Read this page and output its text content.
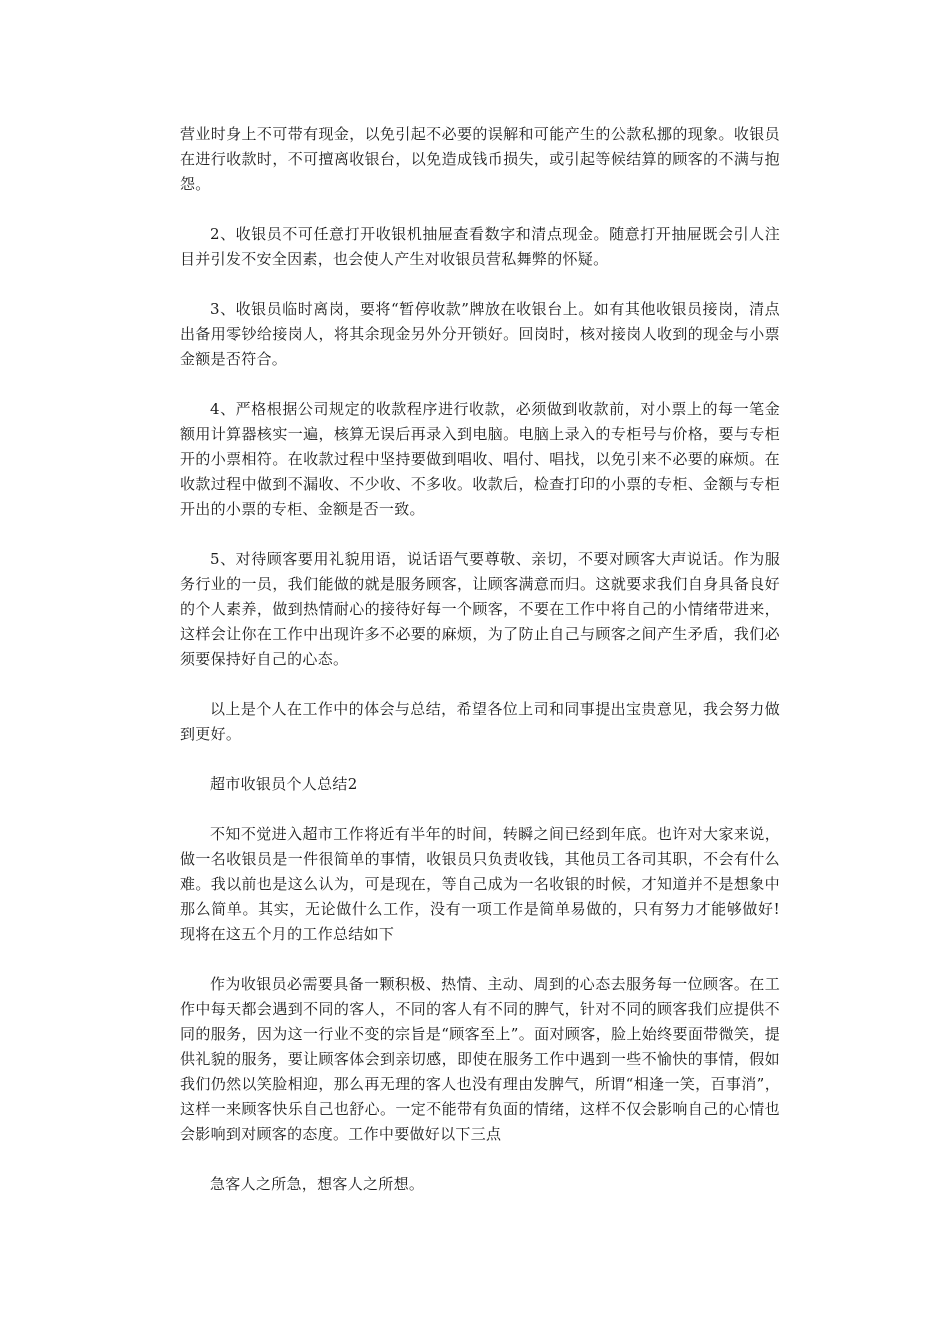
营业时身上不可带有现金，以免引起不必要的误解和可能产生的公款私挪的现象。收银员在进行收款时，不可擅离收银台，以免造成钱币损失，或引起等候结算的顾客的不满与抱怨。

2、收银员不可任意打开收银机抽屉查看数字和清点现金。随意打开抽屉既会引人注目并引发不安全因素，也会使人产生对收银员营私舞弊的怀疑。

3、收银员临时离岗，要将“暂停收款”牌放在收银台上。如有其他收银员接岗，清点出备用零钞给接岗人，将其余现金另外分开锁好。回岗时，核对接岗人收到的现金与小票金额是否符合。

4、严格根据公司规定的收款程序进行收款，必须做到收款前，对小票上的每一笔金额用计算器核实一遍，核算无误后再录入到电脑。电脑上录入的专柜号与价格，要与专柜开的小票相符。在收款过程中坚持要做到唱收、唱付、唱找，以免引来不必要的麻烦。在收款过程中做到不漏收、不少收、不多收。收款后，检查打印的小票的专柜、金额与专柜开出的小票的专柜、金额是否一致。

5、对待顾客要用礼貌用语，说话语气要尊敬、亲切，不要对顾客大声说话。作为服务行业的一员，我们能做的就是服务顾客，让顾客满意而归。这就要求我们自身具备良好的个人素养，做到热情耐心的接待好每一个顾客，不要在工作中将自己的小情绪带进来，这样会让你在工作中出现许多不必要的麻烦，为了防止自己与顾客之间产生矛盾，我们必须要保持好自己的心态。

以上是个人在工作中的体会与总结，希望各位上司和同事提出宝贵意见，我会努力做到更好。

超市收银员个人总结2

不知不觉进入超市工作将近有半年的时间，转瞬之间已经到年底。也许对大家来说，做一名收银员是一件很简单的事情，收银员只负责收钱，其他员工各司其职，不会有什么难。我以前也是这么认为，可是现在，等自己成为一名收银的时候，才知道并不是想象中那么简单。其实，无论做什么工作，没有一项工作是简单易做的，只有努力才能够做好!现将在这五个月的工作总结如下

作为收银员必需要具备一颗积极、热情、主动、周到的心态去服务每一位顾客。在工作中每天都会遇到不同的客人，不同的客人有不同的脾气，针对不同的顾客我们应提供不同的服务，因为这一行业不变的宗旨是“顾客至上”。面对顾客，脸上始终要面带微笑，提供礼貌的服务，要让顾客体会到亲切感，即使在服务工作中遇到一些不愉快的事情，假如我们仍然以笑脸相迎，那么再无理的客人也没有理由发脾气，所谓“相逢一笑，百事消”，这样一来顾客快乐自己也舒心。一定不能带有负面的情绪，这样不仅会影响自己的心情也会影响到对顾客的态度。工作中要做好以下三点

急客人之所急，想客人之所想。
